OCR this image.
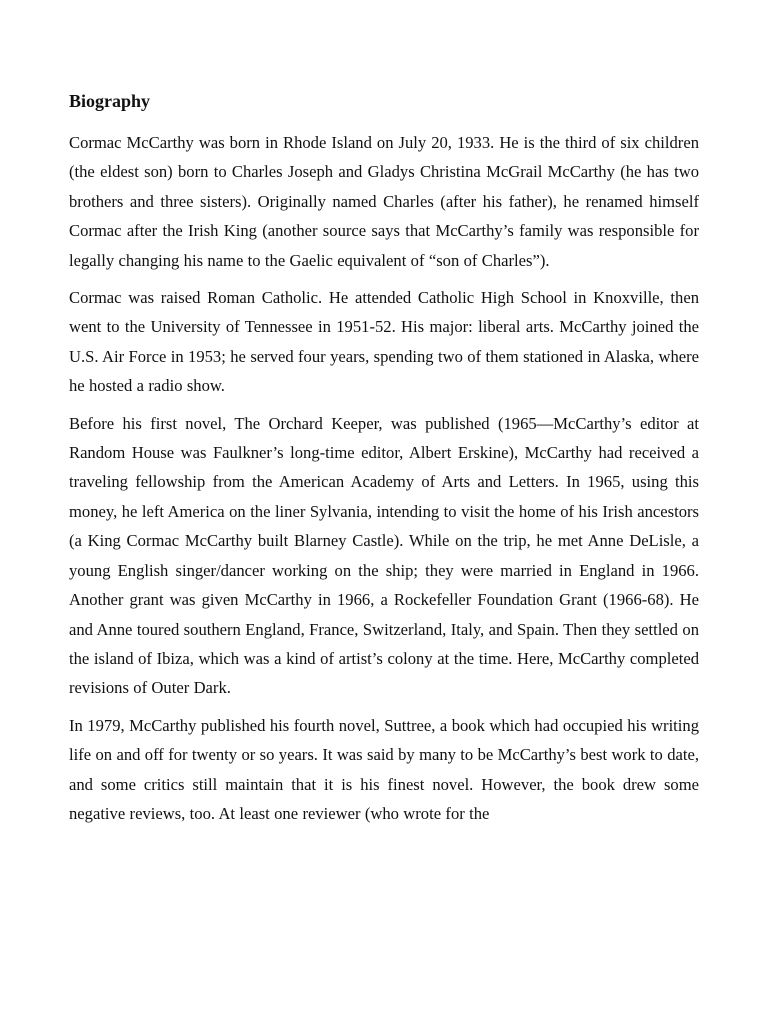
Biography

Cormac McCarthy was born in Rhode Island on July 20, 1933. He is the third of six children (the eldest son) born to Charles Joseph and Gladys Christina McGrail McCarthy (he has two brothers and three sisters). Originally named Charles (after his father), he renamed himself Cormac after the Irish King (another source says that McCarthy’s family was responsible for legally changing his name to the Gaelic equivalent of “son of Charles”).

Cormac was raised Roman Catholic. He attended Catholic High School in Knoxville, then went to the University of Tennessee in 1951-52. His major: liberal arts. McCarthy joined the U.S. Air Force in 1953; he served four years, spending two of them stationed in Alaska, where he hosted a radio show.

Before his first novel, The Orchard Keeper, was published (1965—McCarthy’s editor at Random House was Faulkner’s long-time editor, Albert Erskine), McCarthy had received a traveling fellowship from the American Academy of Arts and Letters. In 1965, using this money, he left America on the liner Sylvania, intending to visit the home of his Irish ancestors (a King Cormac McCarthy built Blarney Castle). While on the trip, he met Anne DeLisle, a young English singer/dancer working on the ship; they were married in England in 1966. Another grant was given McCarthy in 1966, a Rockefeller Foundation Grant (1966-68). He and Anne toured southern England, France, Switzerland, Italy, and Spain. Then they settled on the island of Ibiza, which was a kind of artist’s colony at the time. Here, McCarthy completed revisions of Outer Dark.

In 1979, McCarthy published his fourth novel, Suttree, a book which had occupied his writing life on and off for twenty or so years. It was said by many to be McCarthy’s best work to date, and some critics still maintain that it is his finest novel. However, the book drew some negative reviews, too. At least one reviewer (who wrote for the
